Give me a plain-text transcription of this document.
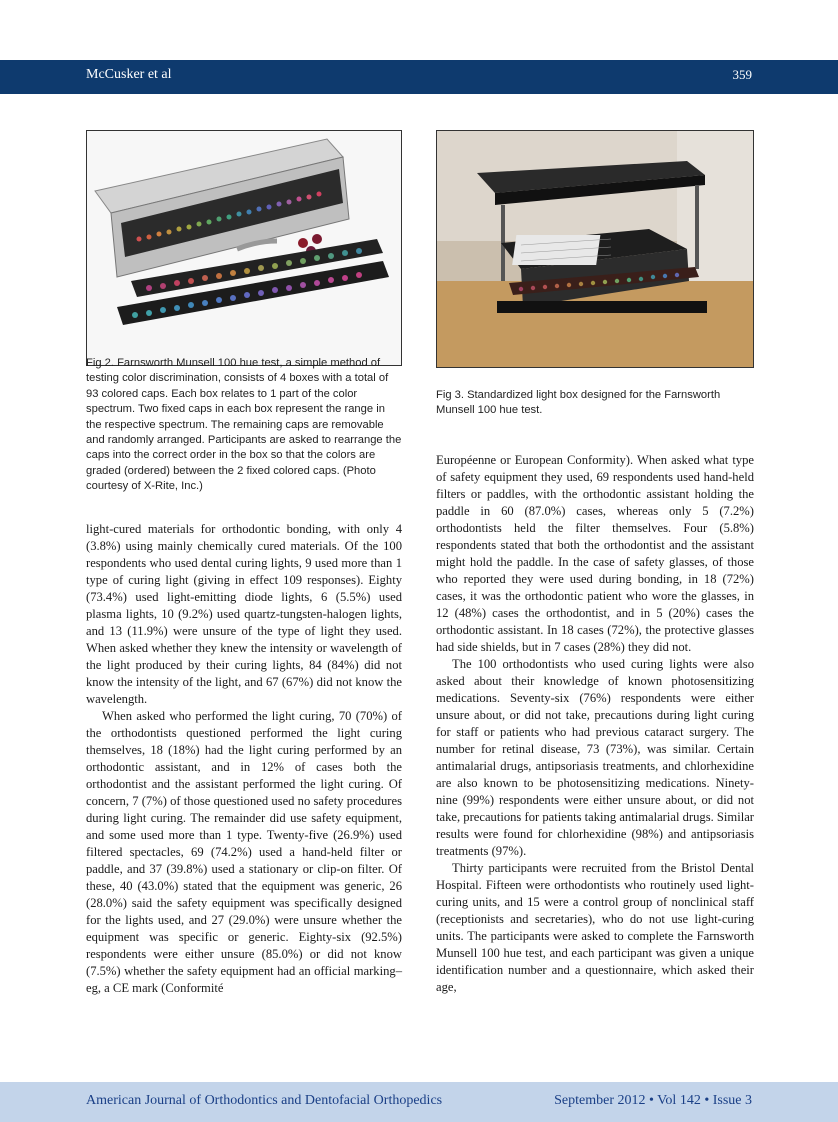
McCusker et al	359
Fig 2. Farnsworth Munsell 100 hue test, a simple method of testing color discrimination, consists of 4 boxes with a total of 93 colored caps. Each box relates to 1 part of the color spectrum. Two fixed caps in each box represent the range in the respective spectrum. The remaining caps are removable and randomly arranged. Participants are asked to rearrange the caps into the correct order in the box so that the colors are graded (ordered) between the 2 fixed colored caps. (Photo courtesy of X-Rite, Inc.)
Fig 3. Standardized light box designed for the Farnsworth Munsell 100 hue test.

light-cured materials for orthodontic bonding, with only 4 (3.8%) using mainly chemically cured materials. Of the 100 respondents who used dental curing lights, 9 used more than 1 type of curing light (giving in effect 109 responses). Eighty (73.4%) used light-emitting diode lights, 6 (5.5%) used plasma lights, 10 (9.2%) used quartz-tungsten-halogen lights, and 13 (11.9%) were unsure of the type of light they used. When asked whether they knew the intensity or wavelength of the light produced by their curing lights, 84 (84%) did not know the intensity of the light, and 67 (67%) did not know the wavelength.

When asked who performed the light curing, 70 (70%) of the orthodontists questioned performed the light curing themselves, 18 (18%) had the light curing performed by an orthodontic assistant, and in 12% of cases both the orthodontist and the assistant performed the light curing. Of concern, 7 (7%) of those questioned used no safety procedures during light curing. The remainder did use safety equipment, and some used more than 1 type. Twenty-five (26.9%) used filtered spectacles, 69 (74.2%) used a hand-held filter or paddle, and 37 (39.8%) used a stationary or clip-on filter. Of these, 40 (43.0%) stated that the equipment was generic, 26 (28.0%) said the safety equipment was specifically designed for the lights used, and 27 (29.0%) were unsure whether the equipment was specific or generic. Eighty-six (92.5%) respondents were either unsure (85.0%) or did not know (7.5%) whether the safety equipment had an official marking–eg, a CE mark (Conformité

Européenne or European Conformity). When asked what type of safety equipment they used, 69 respondents used hand-held filters or paddles, with the orthodontic assistant holding the paddle in 60 (87.0%) cases, whereas only 5 (7.2%) orthodontists held the filter themselves. Four (5.8%) respondents stated that both the orthodontist and the assistant might hold the paddle. In the case of safety glasses, of those who reported they were used during bonding, in 18 (72%) cases, it was the orthodontic patient who wore the glasses, in 12 (48%) cases the orthodontist, and in 5 (20%) cases the orthodontic assistant. In 18 cases (72%), the protective glasses had side shields, but in 7 cases (28%) they did not.

The 100 orthodontists who used curing lights were also asked about their knowledge of known photosensitizing medications. Seventy-six (76%) respondents were either unsure about, or did not take, precautions during light curing for staff or patients who had previous cataract surgery. The number for retinal disease, 73 (73%), was similar. Certain antimalarial drugs, antipsoriasis treatments, and chlorhexidine are also known to be photosensitizing medications. Ninety-nine (99%) respondents were either unsure about, or did not take, precautions for patients taking antimalarial drugs. Similar results were found for chlorhexidine (98%) and antipsoriasis treatments (97%).

Thirty participants were recruited from the Bristol Dental Hospital. Fifteen were orthodontists who routinely used light-curing units, and 15 were a control group of nonclinical staff (receptionists and secretaries), who do not use light-curing units. The participants were asked to complete the Farnsworth Munsell 100 hue test, and each participant was given a unique identification number and a questionnaire, which asked their age,

American Journal of Orthodontics and Dentofacial Orthopedics	September 2012 • Vol 142 • Issue 3
